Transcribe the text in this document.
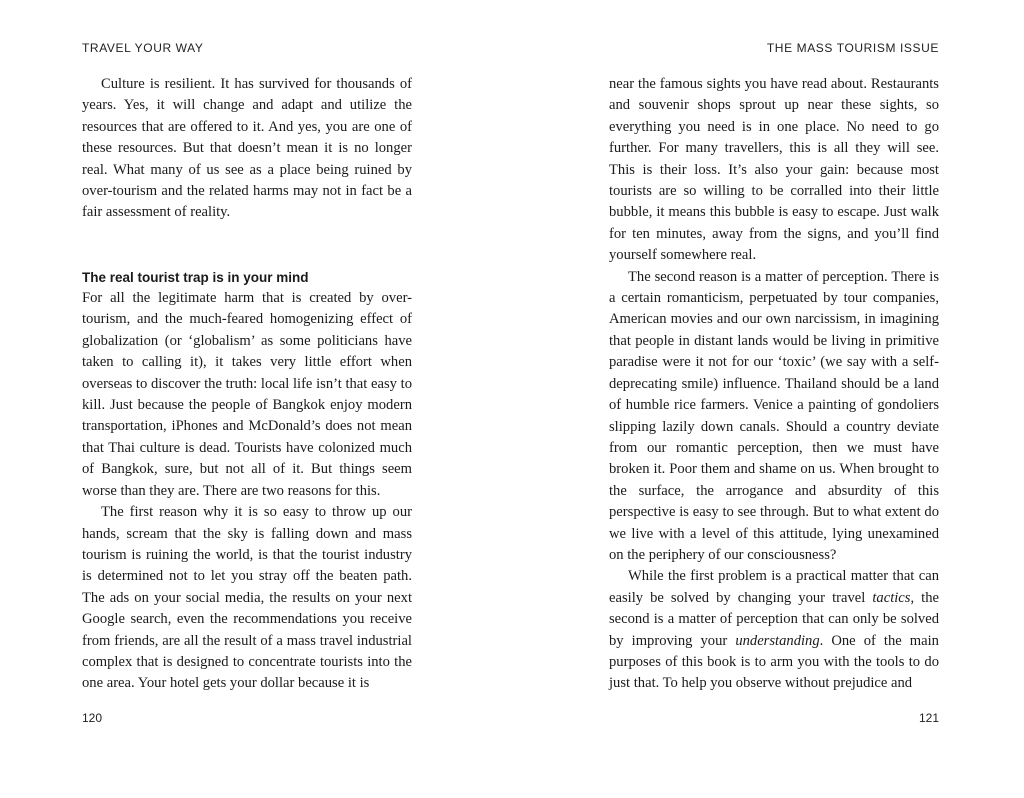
TRAVEL YOUR WAY

Culture is resilient. It has survived for thousands of years. Yes, it will change and adapt and utilize the resources that are offered to it. And yes, you are one of these resources. But that doesn’t mean it is no longer real. What many of us see as a place being ruined by over-tourism and the related harms may not in fact be a fair assessment of reality.

The real tourist trap is in your mind

For all the legitimate harm that is created by over-tourism, and the much-feared homogenizing effect of globalization (or ‘globalism’ as some politicians have taken to calling it), it takes very little effort when overseas to discover the truth: local life isn’t that easy to kill. Just because the people of Bangkok enjoy modern transportation, iPhones and McDonald’s does not mean that Thai culture is dead. Tourists have colonized much of Bangkok, sure, but not all of it. But things seem worse than they are. There are two reasons for this.

The first reason why it is so easy to throw up our hands, scream that the sky is falling down and mass tourism is ruining the world, is that the tourist industry is determined not to let you stray off the beaten path. The ads on your social media, the results on your next Google search, even the recommendations you receive from friends, are all the result of a mass travel industrial complex that is designed to concentrate tourists into the one area. Your hotel gets your dollar because it is

120
THE MASS TOURISM ISSUE

near the famous sights you have read about. Restaurants and souvenir shops sprout up near these sights, so everything you need is in one place. No need to go further. For many travellers, this is all they will see. This is their loss. It’s also your gain: because most tourists are so willing to be corralled into their little bubble, it means this bubble is easy to escape. Just walk for ten minutes, away from the signs, and you’ll find yourself somewhere real.

The second reason is a matter of perception. There is a certain romanticism, perpetuated by tour companies, American movies and our own narcissism, in imagining that people in distant lands would be living in primitive paradise were it not for our ‘toxic’ (we say with a self-deprecating smile) influence. Thailand should be a land of humble rice farmers. Venice a painting of gondoliers slipping lazily down canals. Should a country deviate from our romantic perception, then we must have broken it. Poor them and shame on us. When brought to the surface, the arrogance and absurdity of this perspective is easy to see through. But to what extent do we live with a level of this attitude, lying unexamined on the periphery of our consciousness?

While the first problem is a practical matter that can easily be solved by changing your travel tactics, the second is a matter of perception that can only be solved by improving your understanding. One of the main purposes of this book is to arm you with the tools to do just that. To help you observe without prejudice and

121
